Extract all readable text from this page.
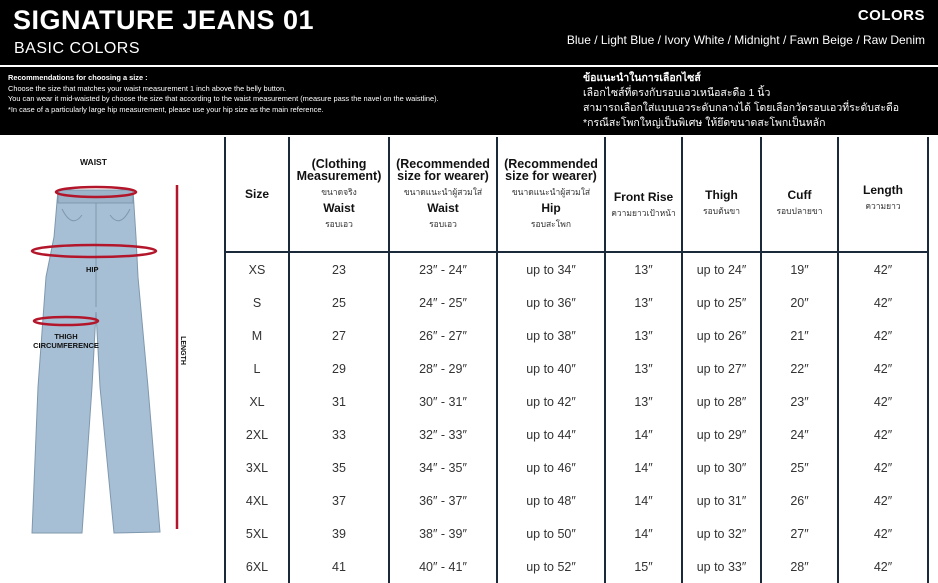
SIGNATURE JEANS 01
BASIC COLORS
COLORS
Blue / Light Blue / Ivory White / Midnight / Fawn Beige / Raw Denim
Recommendations for choosing a size :
Choose the size that matches your waist measurement 1 inch above the belly button.
You can wear it mid-waisted by choose the size that according to the waist measurement (measure pass the navel on the waistline).
*In case of a particularly large hip measurement, please use your hip size as the main reference.
ข้อแนะนำในการเลือกไซส์
เลือกไซส์ที่ตรงกับรอบเอวเหนือสะดือ 1 นิ้ว
สามารถเลือกใส่แบบเอวระดับกลางได้ โดยเลือกวัดรอบเอวที่ระดับสะดือ
*กรณีสะโพกใหญ่เป็นพิเศษ ให้ยึดขนาดสะโพกเป็นหลัก
WAIST
HIP
THIGH CIRCUMFERENCE	LENGTH
Size	(Clothing Measurement)
ขนาดจริง
Waist
รอบเอว	(Recommended size for wearer)
ขนาดแนะนำผู้สวมใส่
Waist
รอบเอว	(Recommended size for wearer)
ขนาดแนะนำผู้สวมใส่
Hip
รอบสะโพก	Front Rise
ความยาวเป้าหน้า	Thigh
รอบต้นขา	Cuff
รอบปลายขา	Length
ความยาว

XS	23	23″ - 24″	up to 34″	13″	up to 24″	19″	42″
S	25	24″ - 25″	up to 36″	13″	up to 25″	20″	42″
M	27	26″ - 27″	up to 38″	13″	up to 26″	21″	42″
L	29	28″ - 29″	up to 40″	13″	up to 27″	22″	42″
XL	31	30″ - 31″	up to 42″	13″	up to 28″	23″	42″
2XL	33	32″ - 33″	up to 44″	14″	up to 29″	24″	42″
3XL	35	34″ - 35″	up to 46″	14″	up to 30″	25″	42″
4XL	37	36″ - 37″	up to 48″	14″	up to 31″	26″	42″
5XL	39	38″ - 39″	up to 50″	14″	up to 32″	27″	42″
6XL	41	40″ - 41″	up to 52″	15″	up to 33″	28″	42″
